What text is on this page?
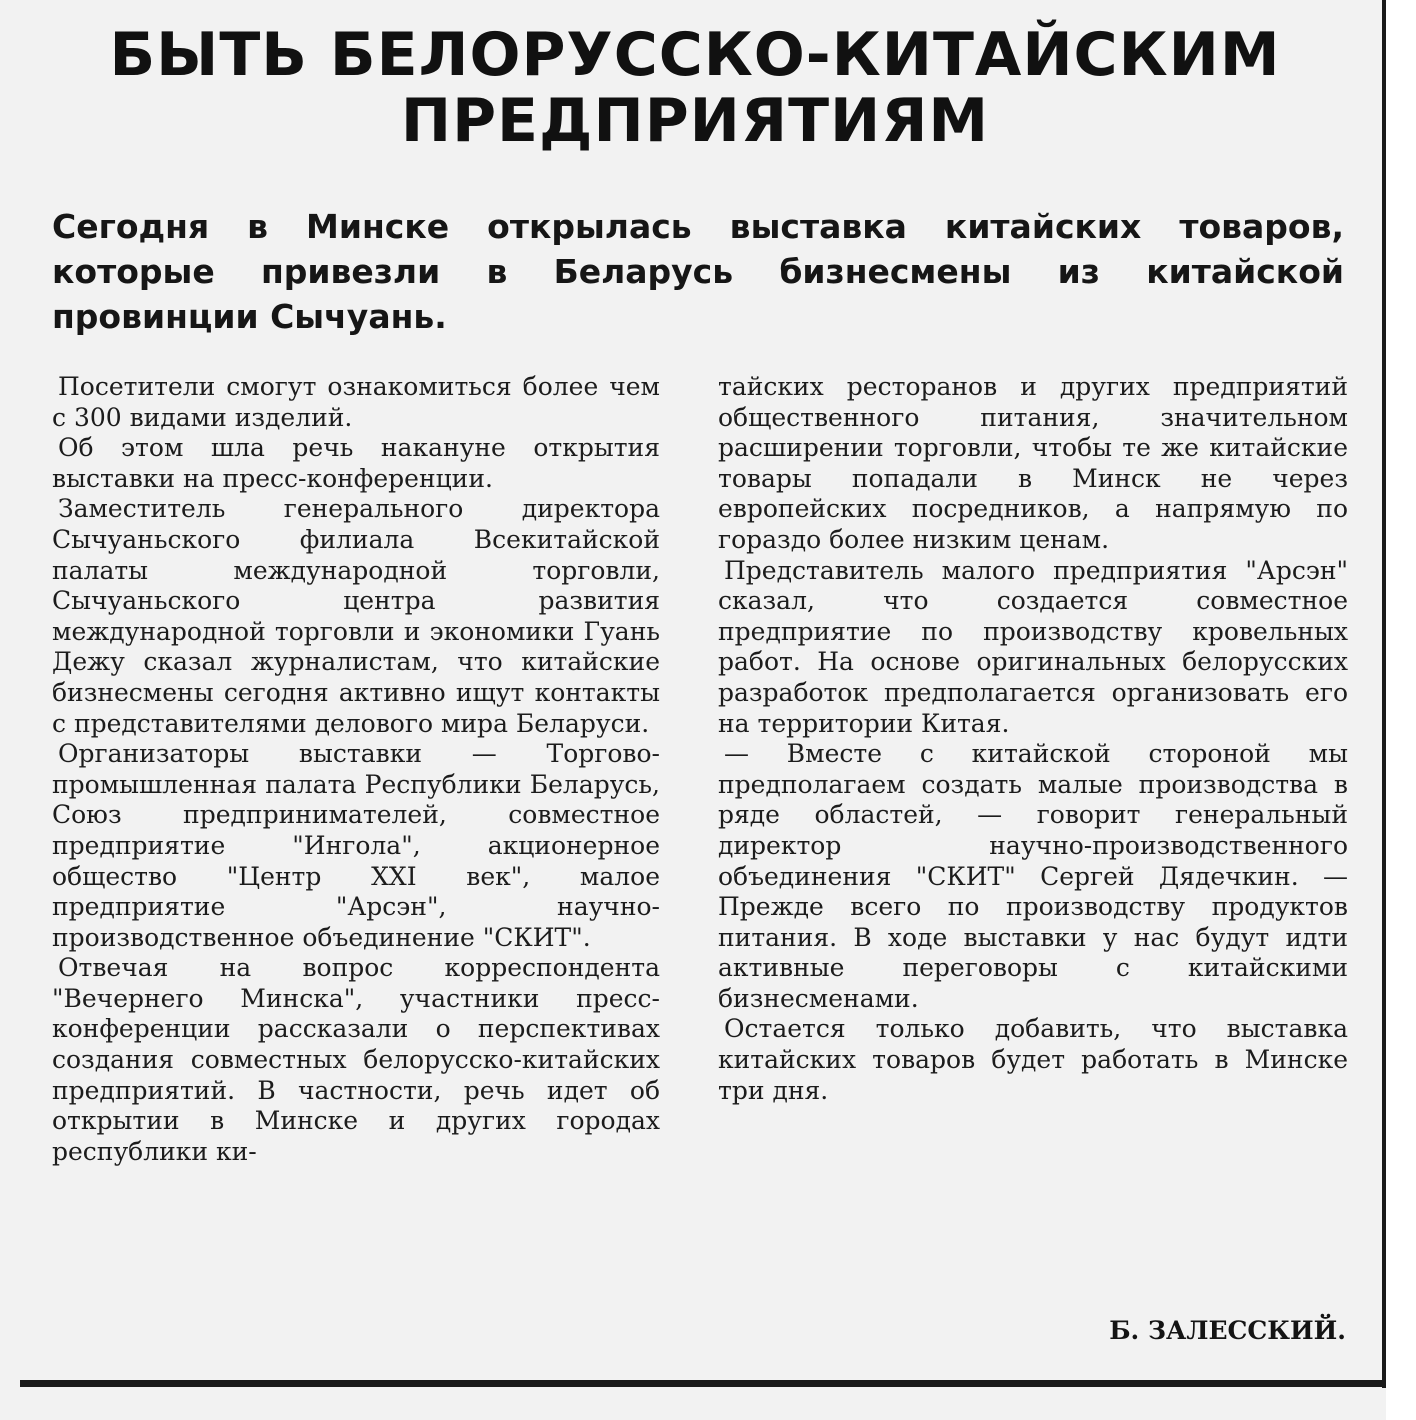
БЫТЬ БЕЛОРУССКО-КИТАЙСКИМ ПРЕДПРИЯТИЯМ

Сегодня в Минске открылась выставка китайских товаров, которые привезли в Беларусь бизнесмены из китайской провинции Сычуань.

Посетители смогут ознакомиться более чем с 300 видами изделий.

Об этом шла речь накануне открытия выставки на пресс-конференции.

Заместитель генерального директора Сычуаньского филиала Всекитайской палаты международной торговли, Сычуаньского центра развития международной торговли и экономики Гуань Дежу сказал журналистам, что китайские бизнесмены сегодня активно ищут контакты с представителями делового мира Беларуси.

Организаторы выставки — Торгово-промышленная палата Республики Беларусь, Союз предпринимателей, совместное предприятие "Ингола", акционерное общество "Центр XXI век", малое предприятие "Арсэн", научно-производственное объединение "СКИТ".

Отвечая на вопрос корреспондента "Вечернего Минска", участники пресс-конференции рассказали о перспективах создания совместных белорусско-китайских предприятий. В частности, речь идет об открытии в Минске и других городах республики ки-

тайских ресторанов и других предприятий общественного питания, значительном расширении торговли, чтобы те же китайские товары попадали в Минск не через европейских посредников, а напрямую по гораздо более низким ценам.

Представитель малого предприятия "Арсэн" сказал, что создается совместное предприятие по производству кровельных работ. На основе оригинальных белорусских разработок предполагается организовать его на территории Китая.

— Вместе с китайской стороной мы предполагаем создать малые производства в ряде областей, — говорит генеральный директор научно-производственного объединения "СКИТ" Сергей Дядечкин. — Прежде всего по производству продуктов питания. В ходе выставки у нас будут идти активные переговоры с китайскими бизнесменами.

Остается только добавить, что выставка китайских товаров будет работать в Минске три дня.

Б. ЗАЛЕССКИЙ.
